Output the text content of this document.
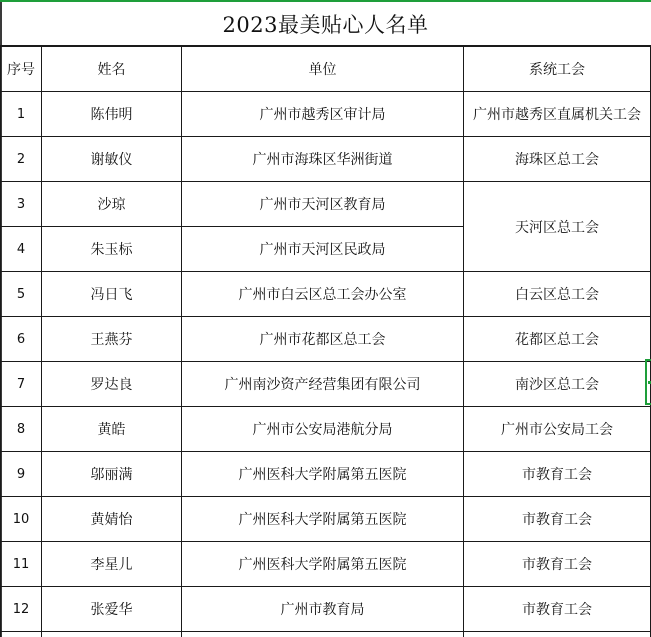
2023最美贴心人名单
序号	姓名	单位	系统工会
1	陈伟明	广州市越秀区审计局	广州市越秀区直属机关工会
2	谢敏仪	广州市海珠区华洲街道	海珠区总工会
3	沙琼	广州市天河区教育局	天河区总工会
4	朱玉标	广州市天河区民政局	
5	冯日飞	广州市白云区总工会办公室	白云区总工会
6	王燕芬	广州市花都区总工会	花都区总工会
7	罗达良	广州南沙资产经营集团有限公司	南沙区总工会
8	黄皓	广州市公安局港航分局	广州市公安局工会
9	邬丽满	广州医科大学附属第五医院	市教育工会
10	黄婧怡	广州医科大学附属第五医院	市教育工会
11	李星儿	广州医科大学附属第五医院	市教育工会
12	张爱华	广州市教育局	市教育工会
